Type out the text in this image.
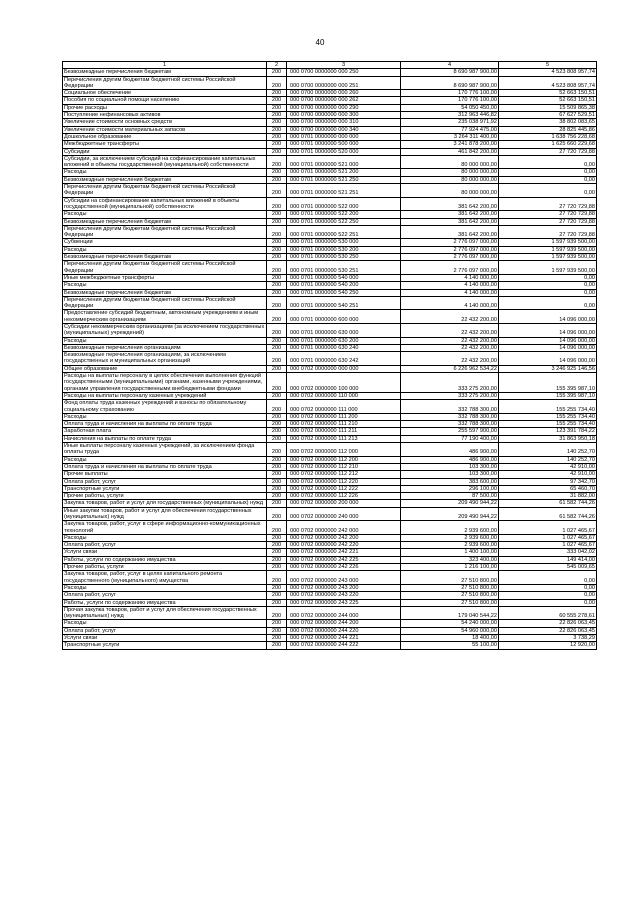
40
1	2	3	4	5
Безвозмездные перечисления бюджетам	200	000 0700 0000000 000 250	8 690 987 900,00	4 523 808 957,74
Перечисления другим бюджетам бюджетной системы Российской Федерации	200	000 0700 0000000 000 251	8 690 987 900,00	4 523 808 957,74
Социальное обеспечение	200	000 0700 0000000 000 260	170 776 100,00	52 663 150,51
Пособия по социальной помощи населению	200	000 0700 0000000 000 262	170 776 100,00	52 663 150,51
Прочие расходы	200	000 0700 0000000 000 290	54 050 450,00	15 509 865,38
Поступление нефинансовых активов	200	000 0700 0000000 000 300	312 963 446,82	67 627 529,51
Увеличение стоимости основных средств	200	000 0700 0000000 000 310	235 038 971,92	38 802 083,65
Увеличение стоимости материальных запасов	200	000 0700 0000000 000 340	77 924 475,00	28 825 445,86
Дошкольное образование	200	000 0701 0000000 000 000	3 264 311 400,00	1 638 756 228,68
Межбюджетные трансферты	200	000 0701 0000000 500 000	3 241 878 200,00	1 625 660 229,68
Субсидии	200	000 0701 0000000 520 000	461 842 200,00	27 720 729,88
Субсидии, за исключением субсидий на софинансирование капитальных вложений в объекты государственной (муниципальной) собственности	200	000 0701 0000000 521 000	80 000 000,00	0,00
Расходы	200	000 0701 0000000 521 200	80 000 000,00	0,00
Безвозмездные перечисления бюджетам	200	000 0701 0000000 521 250	80 000 000,00	0,00
Перечисления другим бюджетам бюджетной системы Российской Федерации	200	000 0701 0000000 521 251	80 000 000,00	0,00
Субсидии на софинансирование капитальных вложений в объекты государственной (муниципальной) собственности	200	000 0701 0000000 522 000	381 642 200,00	27 720 729,88
Расходы	200	000 0701 0000000 522 200	381 642 200,00	27 720 729,88
Безвозмездные перечисления бюджетам	200	000 0701 0000000 522 250	381 642 200,00	27 720 729,88
Перечисления другим бюджетам бюджетной системы Российской Федерации	200	000 0701 0000000 522 251	381 642 200,00	27 720 729,88
Субвенции	200	000 0701 0000000 530 000	2 776 097 000,00	1 597 939 500,00
Расходы	200	000 0701 0000000 530 200	2 776 097 000,00	1 597 939 500,00
Безвозмездные перечисления бюджетам	200	000 0701 0000000 530 250	2 776 097 000,00	1 597 939 500,00
Перечисления другим бюджетам бюджетной системы Российской Федерации	200	000 0701 0000000 530 251	2 776 097 000,00	1 597 939 500,00
Иные межбюджетные трансферты	200	000 0701 0000000 540 000	4 140 000,00	0,00
Расходы	200	000 0701 0000000 540 200	4 140 000,00	0,00
Безвозмездные перечисления бюджетам	200	000 0701 0000000 540 250	4 140 000,00	0,00
Перечисления другим бюджетам бюджетной системы Российской Федерации	200	000 0701 0000000 540 251	4 140 000,00	0,00
Предоставление субсидий бюджетным, автономным учреждениям и иным некоммерческим организациям	200	000 0701 0000000 600 000	22 432 200,00	14 096 000,00
Субсидии некоммерческим организациям (за исключением государственных (муниципальных) учреждений)	200	000 0701 0000000 630 000	22 432 200,00	14 096 000,00
Расходы	200	000 0701 0000000 630 200	22 432 200,00	14 096 000,00
Безвозмездные перечисления организациям	200	000 0701 0000000 630 240	22 432 200,00	14 096 000,00
Безвозмездные перечисления организациям, за исключением государственных и муниципальных организаций	200	000 0701 0000000 630 242	22 432 200,00	14 096 000,00
Общее образование	200	000 0702 0000000 000 000	6 226 962 534,22	3 246 925 146,56
Расходы на выплаты персоналу в целях обеспечения выполнения функций государственными (муниципальными) органами, казенными учреждениями, органами управления государственными внебюджетными фондами	200	000 0702 0000000 100 000	333 275 200,00	155 395 987,10
Расходы на выплаты персоналу казенных учреждений	200	000 0702 0000000 110 000	333 275 200,00	155 395 987,10
Фонд оплаты труда казенных учреждений и взносы по обязательному социальному страхованию	200	000 0702 0000000 111 000	332 788 300,00	155 255 734,40
Расходы	200	000 0702 0000000 111 200	332 788 300,00	155 255 734,40
Оплата труда и начисления на выплаты по оплате труда	200	000 0702 0000000 111 210	332 788 300,00	155 255 734,40
Заработная плата	200	000 0702 0000000 111 211	255 597 900,00	123 391 784,22
Начисления на выплаты по оплате труда	200	000 0702 0000000 111 213	77 190 400,00	31 863 950,18
Иные выплаты персоналу казенных учреждений, за исключением фонда оплаты труда	200	000 0702 0000000 112 000	486 900,00	140 252,70
Расходы	200	000 0702 0000000 112 200	486 900,00	140 252,70
Оплата труда и начисления на выплаты по оплате труда	200	000 0702 0000000 112 210	103 300,00	42 910,00
Прочие выплаты	200	000 0702 0000000 112 212	103 300,00	42 910,00
Оплата работ, услуг	200	000 0702 0000000 112 220	383 600,00	97 342,70
Транспортные услуги	200	000 0702 0000000 112 222	296 100,00	65 460,70
Прочие работы, услуги	200	000 0702 0000000 112 226	87 500,00	31 882,00
Закупка товаров, работ и услуг для государственных (муниципальных) нужд	200	000 0702 0000000 200 000	209 490 944,22	61 582 744,26
Иные закупки товаров, работ и услуг для обеспечения государственных (муниципальных) нужд	200	000 0702 0000000 240 000	209 490 944,22	61 582 744,26
Закупка товаров, работ, услуг в сфере информационно-коммуникационных технологий	200	000 0702 0000000 242 000	2 939 600,00	1 027 465,67
Расходы	200	000 0702 0000000 242 200	2 939 600,00	1 027 465,67
Оплата работ, услуг	200	000 0702 0000000 242 220	2 939 600,00	1 027 465,67
Услуги связи	200	000 0702 0000000 242 221	1 400 100,00	333 042,02
Работы, услуги по содержанию имущества	200	000 0702 0000000 242 225	323 400,00	149 414,00
Прочие работы, услуги	200	000 0702 0000000 242 226	1 216 100,00	545 009,65
Закупка товаров, работ, услуг в целях капитального ремонта государственного (муниципального) имущества	200	000 0702 0000000 243 000	27 510 800,00	0,00
Расходы	200	000 0702 0000000 243 200	27 510 800,00	0,00
Оплата работ, услуг	200	000 0702 0000000 243 220	27 510 800,00	0,00
Работы, услуги по содержанию имущества	200	000 0702 0000000 243 225	27 510 800,00	0,00
Прочая закупка товаров, работ и услуг для обеспечения государственных (муниципальных) нужд	200	000 0702 0000000 244 000	179 040 544,22	60 555 278,61
Расходы	200	000 0702 0000000 244 200	54 240 000,00	22 826 063,45
Оплата работ, услуг	200	000 0702 0000000 244 220	54 960 000,00	22 826 063,45
Услуги связи	200	000 0702 0000000 244 221	18 400,00	3 738,29
Транспортные услуги	200	000 0702 0000000 244 222	55 100,00	12 920,00
